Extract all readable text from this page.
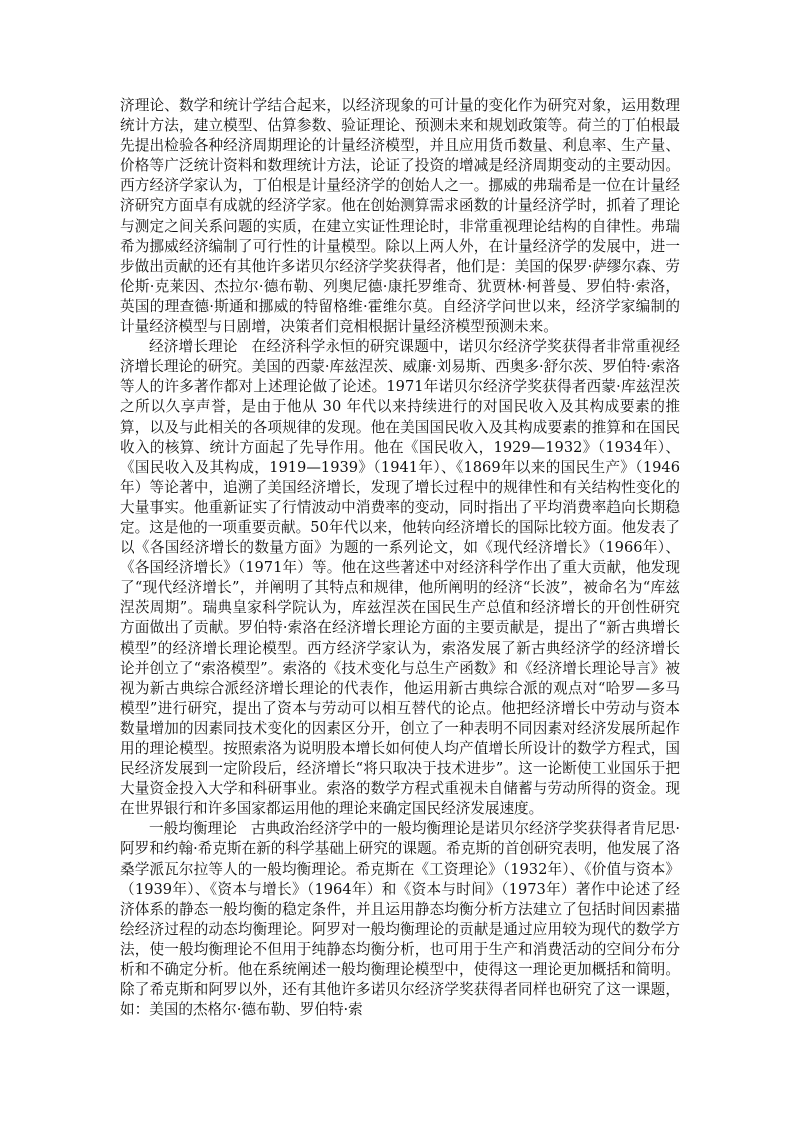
济理论、数学和统计学结合起来，以经济现象的可计量的变化作为研究对象，运用数理统计方法，建立模型、估算参数、验证理论、预测未来和规划政策等。荷兰的丁伯根最先提出检验各种经济周期理论的计量经济模型，并且应用货币数量、利息率、生产量、价格等广泛统计资料和数理统计方法，论证了投资的增减是经济周期变动的主要动因。西方经济学家认为，丁伯根是计量经济学的创始人之一。挪威的弗瑞希是一位在计量经济研究方面卓有成就的经济学家。他在创始测算需求函数的计量经济学时，抓着了理论与测定之间关系问题的实质，在建立实证性理论时，非常重视理论结构的自律性。弗瑞希为挪威经济编制了可行性的计量模型。除以上两人外，在计量经济学的发展中，进一步做出贡献的还有其他许多诺贝尔经济学奖获得者，他们是：美国的保罗·萨缪尔森、劳伦斯·克莱因、杰拉尔·德布勒、列奥尼德·康托罗维奇、犹贾林·柯普曼、罗伯特·索洛，英国的理查德·斯通和挪威的特留格维·霍维尔莫。自经济学问世以来，经济学家编制的计量经济模型与日剧增，决策者们竞相根据计量经济模型预测未来。

经济增长理论 在经济科学永恒的研究课题中，诺贝尔经济学奖获得者非常重视经济增长理论的研究。美国的西蒙·库兹涅茨、威廉·刘易斯、西奥多·舒尔茨、罗伯特·索洛等人的许多著作都对上述理论做了论述。1971年诺贝尔经济学奖获得者西蒙·库兹涅茨之所以久享声誉，是由于他从 30 年代以来持续进行的对国民收入及其构成要素的推算，以及与此相关的各项规律的发现。他在美国国民收入及其构成要素的推算和在国民收入的核算、统计方面起了先导作用。他在《国民收入，1929—1932》（1934年）、《国民收入及其构成，1919—1939》（1941年）、《1869年以来的国民生产》（1946年）等论著中，追溯了美国经济增长，发现了增长过程中的规律性和有关结构性变化的大量事实。他重新证实了行情波动中消费率的变动，同时指出了平均消费率趋向长期稳定。这是他的一项重要贡献。50年代以来，他转向经济增长的国际比较方面。他发表了以《各国经济增长的数量方面》为题的一系列论文，如《现代经济增长》（1966年）、《各国经济增长》（1971年）等。他在这些著述中对经济科学作出了重大贡献，他发现了“现代经济增长”，并阐明了其特点和规律，他所阐明的经济“长波”，被命名为“库兹涅茨周期”。瑞典皇家科学院认为，库兹涅茨在国民生产总值和经济增长的开创性研究方面做出了贡献。罗伯特·索洛在经济增长理论方面的主要贡献是，提出了“新古典增长模型”的经济增长理论模型。西方经济学家认为，索洛发展了新古典经济学的经济增长论并创立了“索洛模型”。索洛的《技术变化与总生产函数》和《经济增长理论导言》被视为新古典综合派经济增长理论的代表作，他运用新古典综合派的观点对“哈罗—多马模型”进行研究，提出了资本与劳动可以相互替代的论点。他把经济增长中劳动与资本数量增加的因素同技术变化的因素区分开，创立了一种表明不同因素对经济发展所起作用的理论模型。按照索洛为说明股本增长如何使人均产值增长所设计的数学方程式，国民经济发展到一定阶段后，经济增长“将只取决于技术进步”。这一论断使工业国乐于把大量资金投入大学和科研事业。索洛的数学方程式重视未自储蓄与劳动所得的资金。现在世界银行和许多国家都运用他的理论来确定国民经济发展速度。

一般均衡理论 古典政治经济学中的一般均衡理论是诺贝尔经济学奖获得者肯尼思·阿罗和约翰·希克斯在新的科学基础上研究的课题。希克斯的首创研究表明，他发展了洛桑学派瓦尔拉等人的一般均衡理论。希克斯在《工资理论》（1932年）、《价值与资本》（1939年）、《资本与增长》（1964年）和《资本与时间》（1973年）著作中论述了经济体系的静态一般均衡的稳定条件，并且运用静态均衡分析方法建立了包括时间因素描绘经济过程的动态均衡理论。阿罗对一般均衡理论的贡献是通过应用较为现代的数学方法，使一般均衡理论不但用于纯静态均衡分析，也可用于生产和消费活动的空间分布分析和不确定分析。他在系统阐述一般均衡理论模型中，使得这一理论更加概括和简明。除了希克斯和阿罗以外，还有其他许多诺贝尔经济学奖获得者同样也研究了这一课题，如：美国的杰格尔·德布勒、罗伯特·索
